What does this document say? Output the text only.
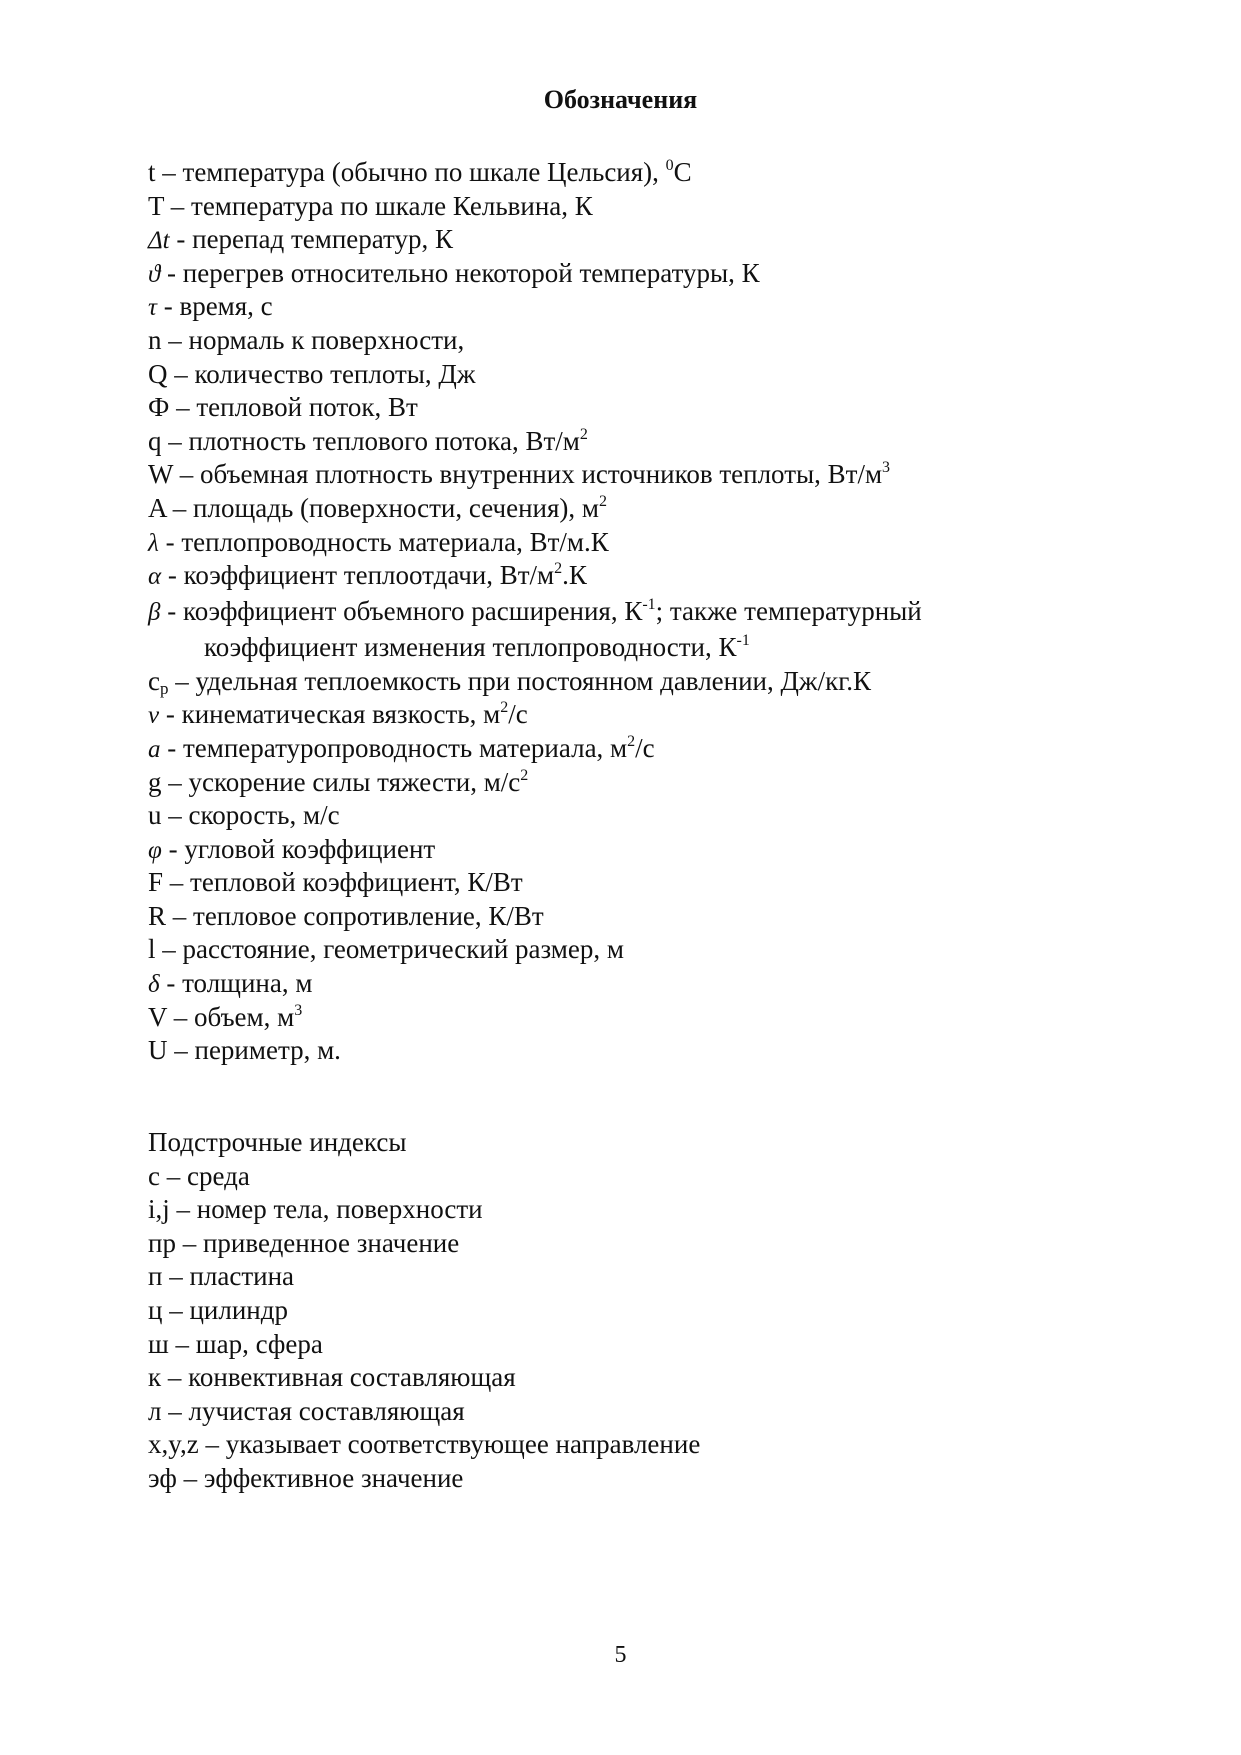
Обозначения
t – температура (обычно по шкале Цельсия), $^0$С
T – температура по шкале Кельвина, К
Δt - перепад температур, К
ϑ - перегрев относительно некоторой температуры, К
τ - время, с
n – нормаль к поверхности,
Q – количество теплоты, Дж
Ф – тепловой поток, Вт
q – плотность теплового потока, $Вт/м^2$
W – объемная плотность внутренних источников теплоты, $Вт/м^3$
A – площадь (поверхности, сечения), $м^2$
λ - теплопроводность материала, Вт/м.К
α - коэффициент теплоотдачи, $Вт/м^2.К$
β - коэффициент объемного расширения, $К^{-1}$; также температурный
коэффициент изменения теплопроводности, $К^{-1}$
$c_p$ – удельная теплоемкость при постоянном давлении, Дж/кг.К
ν - кинематическая вязкость, $м^2/с$
a - температуропроводность материала, $м^2/с$
g – ускорение силы тяжести, $м/с^2$
u – скорость, м/с
φ - угловой коэффициент
F – тепловой коэффициент, К/Вт
R – тепловое сопротивление, К/Вт
l – расстояние, геометрический размер, м
δ - толщина, м
V – объем, $м^3$
U – периметр, м.
Подстрочные индексы
с – среда
i,j – номер тела, поверхности
пр – приведенное значение
п – пластина
ц – цилиндр
ш – шар, сфера
к – конвективная составляющая
л – лучистая составляющая
x,y,z – указывает соответствующее направление
эф – эффективное значение
5
